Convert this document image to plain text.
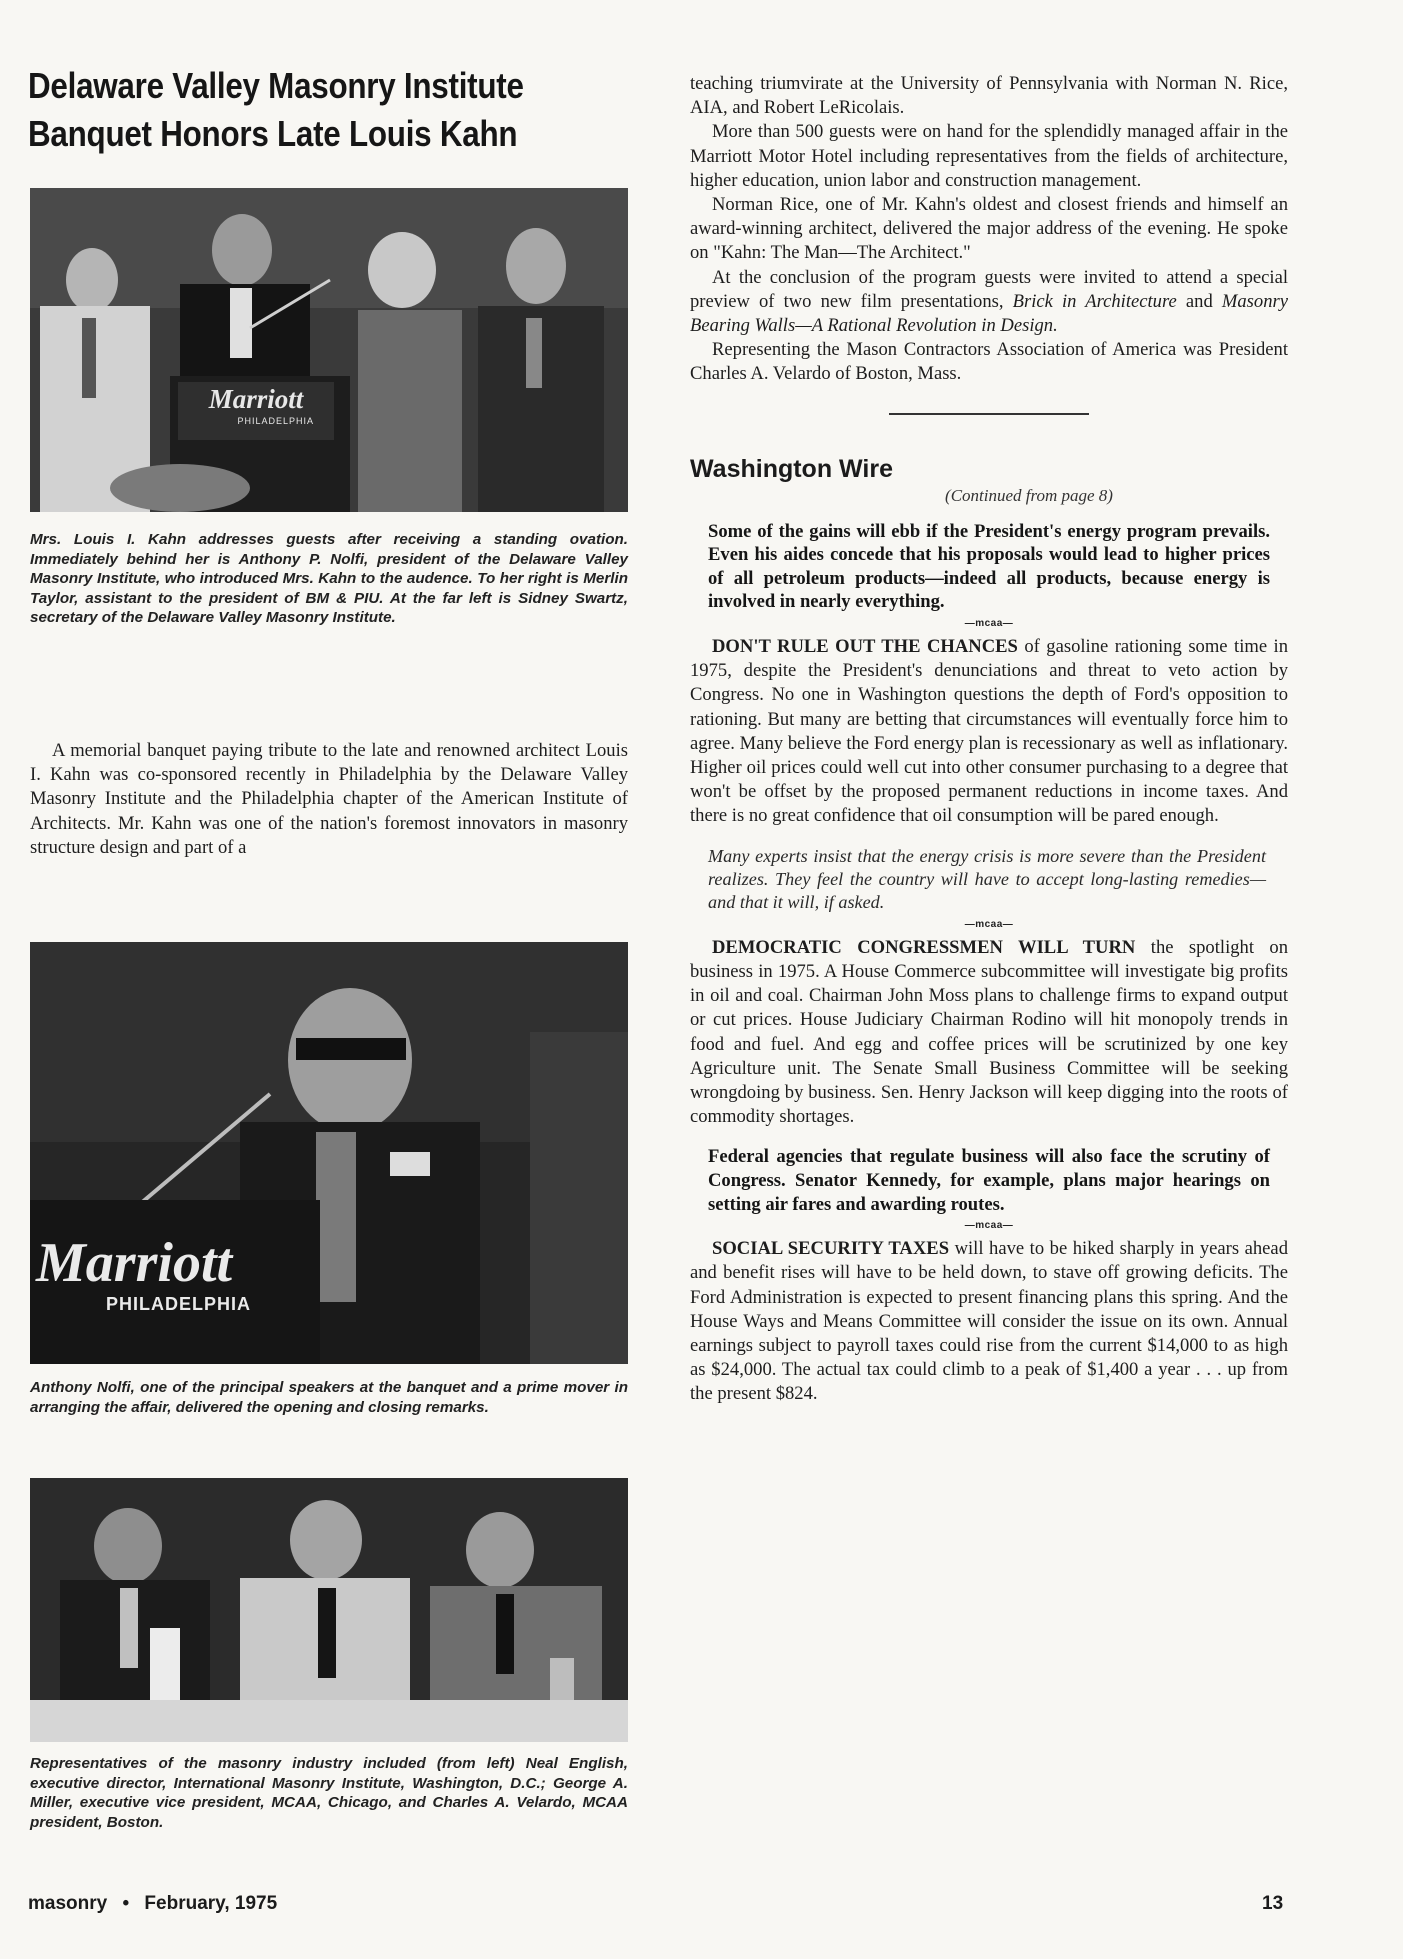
Delaware Valley Masonry Institute
Banquet Honors Late Louis Kahn
Marriott
PHILADELPHIA
Mrs. Louis I. Kahn addresses guests after receiving a standing ovation. Immediately behind her is Anthony P. Nolfi, president of the Delaware Valley Masonry Institute, who introduced Mrs. Kahn to the audence. To her right is Merlin Taylor, assistant to the president of BM & PIU. At the far left is Sidney Swartz, secretary of the Delaware Valley Masonry Institute.

A memorial banquet paying tribute to the late and renowned architect Louis I. Kahn was co-sponsored recently in Philadelphia by the Delaware Valley Masonry Institute and the Philadelphia chapter of the American Institute of Architects. Mr. Kahn was one of the nation's foremost innovators in masonry structure design and part of a

Marriott
PHILADELPHIA
Anthony Nolfi, one of the principal speakers at the banquet and a prime mover in arranging the affair, delivered the opening and closing remarks.
Representatives of the masonry industry included (from left) Neal English, executive director, International Masonry Institute, Washington, D.C.; George A. Miller, executive vice president, MCAA, Chicago, and Charles A. Velardo, MCAA president, Boston.

teaching triumvirate at the University of Pennsylvania with Norman N. Rice, AIA, and Robert LeRicolais.

More than 500 guests were on hand for the splendidly managed affair in the Marriott Motor Hotel including representatives from the fields of architecture, higher education, union labor and construction management.

Norman Rice, one of Mr. Kahn's oldest and closest friends and himself an award-winning architect, delivered the major address of the evening. He spoke on "Kahn: The Man—The Architect."

At the conclusion of the program guests were invited to attend a special preview of two new film presentations, Brick in Architecture and Masonry Bearing Walls—A Rational Revolution in Design.

Representing the Mason Contractors Association of America was President Charles A. Velardo of Boston, Mass.

Washington Wire
(Continued from page 8)

Some of the gains will ebb if the President's energy program prevails. Even his aides concede that his proposals would lead to higher prices of all petroleum products—indeed all products, because energy is involved in nearly everything.

—mcaa—

DON'T RULE OUT THE CHANCES of gasoline rationing some time in 1975, despite the President's denunciations and threat to veto action by Congress. No one in Washington questions the depth of Ford's opposition to rationing. But many are betting that circumstances will eventually force him to agree. Many believe the Ford energy plan is recessionary as well as inflationary. Higher oil prices could well cut into other consumer purchasing to a degree that won't be offset by the proposed permanent reductions in income taxes. And there is no great confidence that oil consumption will be pared enough.

Many experts insist that the energy crisis is more severe than the President realizes. They feel the country will have to accept long-lasting remedies—and that it will, if asked.

—mcaa—

DEMOCRATIC CONGRESSMEN WILL TURN the spotlight on business in 1975. A House Commerce subcommittee will investigate big profits in oil and coal. Chairman John Moss plans to challenge firms to expand output or cut prices. House Judiciary Chairman Rodino will hit monopoly trends in food and fuel. And egg and coffee prices will be scrutinized by one key Agriculture unit. The Senate Small Business Committee will be seeking wrongdoing by business. Sen. Henry Jackson will keep digging into the roots of commodity shortages.

Federal agencies that regulate business will also face the scrutiny of Congress. Senator Kennedy, for example, plans major hearings on setting air fares and awarding routes.

—mcaa—

SOCIAL SECURITY TAXES will have to be hiked sharply in years ahead and benefit rises will have to be held down, to stave off growing deficits. The Ford Administration is expected to present financing plans this spring. And the House Ways and Means Committee will consider the issue on its own. Annual earnings subject to payroll taxes could rise from the current $14,000 to as high as $24,000. The actual tax could climb to a peak of $1,400 a year . . . up from the present $824.

masonry • February, 1975	13
